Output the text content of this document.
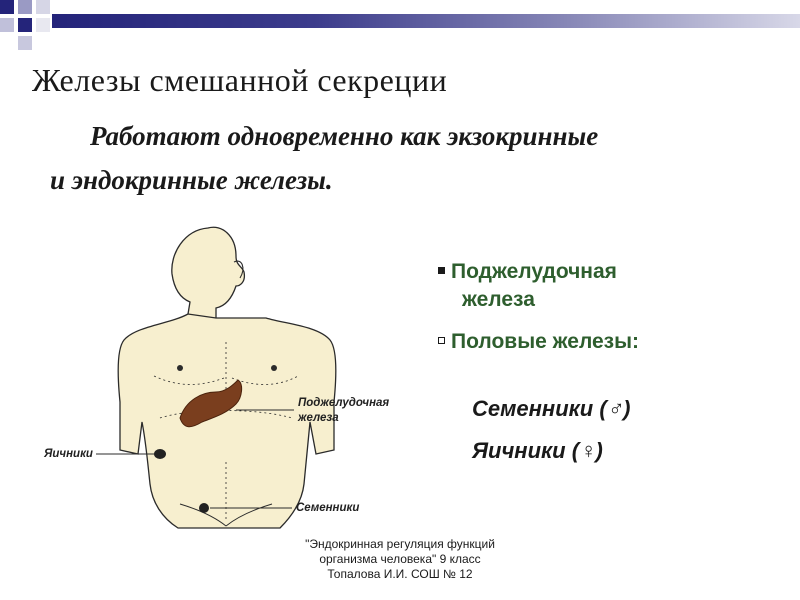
Железы смешанной секреции

Работают одновременно как экзокринные
и эндокринные железы.

Поджелудочная
железа
Яичники
Семенники
Поджелудочная
железа
Половые железы:
Семенники (♂)
Яичники (♀)
"Эндокринная регуляция функций
организма человека" 9 класс
Топалова И.И. СОШ № 12
